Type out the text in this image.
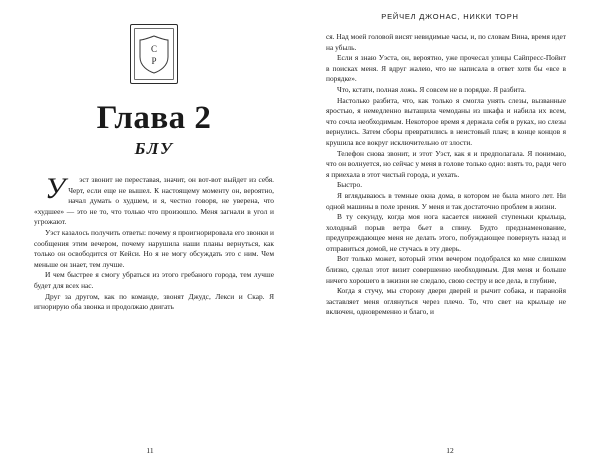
С
Р
Глава 2
БЛУ

У	эст звонит не переставая, значит, он вот-вот выйдет из себя. Черт, если еще не вышел. К настоящему моменту он, вероятно, начал думать о худшем, и я, честно говоря, не уверена, что «худшее» — это не то, что только что произошло. Меня загнали в угол и угрожают.

Уэст казалось получить ответы: почему я проигнорировала его звонки и сообщения этим вечером, почему нарушила наши планы вернуться, как только он освободится от Кейси. Но я не могу обсуждать это с ним. Чем меньше он знает, тем лучше.

И чем быстрее я смогу убраться из этого гребаного города, тем лучше будет для всех нас.

Друг за другом, как по команде, звонят Джудс, Лекси и Скар. Я игнорирую оба звонка и продолжаю двигать

11
РЕЙЧЕЛ ДЖОНАС, НИККИ ТОРН

ся. Над моей головой висят невидимые часы, и, по словам Вина, время идет на убыль.

Если я знаю Уэста, он, вероятно, уже прочесал улицы Сайпресс-Пойнт в поисках меня. Я вдруг жалею, что не написала в ответ хотя бы «все в порядке».

Что, кстати, полная ложь. Я совсем не в порядке. Я разбита.

Настолько разбита, что, как только я смогла унять слезы, вызванные яростью, я немедленно вытащила чемоданы из шкафа и набила их всем, что сочла необходимым. Некоторое время я держала себя в руках, но слезы вернулись. Затем сборы превратились в неистовый плач; в конце концов я крушила все вокруг исключительно от злости.

Телефон снова звонит, и этот Уэст, как я и предполагала. Я понимаю, что он волнуется, но сейчас у меня в голове только одно: взять то, ради чего я приехала в этот чистый города, и уехать.

Быстро.

Я вглядываюсь в темные окна дома, в котором не была много лет. Ни одной машины в поле зрения. У меня и так достаточно проблем в жизни.

В ту секунду, когда моя нога касается нижней ступеньки крыльца, холодный порыв ветра бьет в спину. Будто предзнаменование, предупреждающее меня не делать этого, побуждающее повернуть назад и отправиться домой, не стучась в эту дверь.

Вот только может, который этим вечером подобрался ко мне слишком близко, сделал этот визит совершенно необходимым. Для меня и больше ничего хорошего в эжизни не следало, свою сестру и все дела, в глубине,

Когда я стучу, мы сторону двери дверей и рычит собака, и паранойя заставляет меня оглянуться через плечо. То, что свет на крыльце не включен, одновременно и благо, и

12
